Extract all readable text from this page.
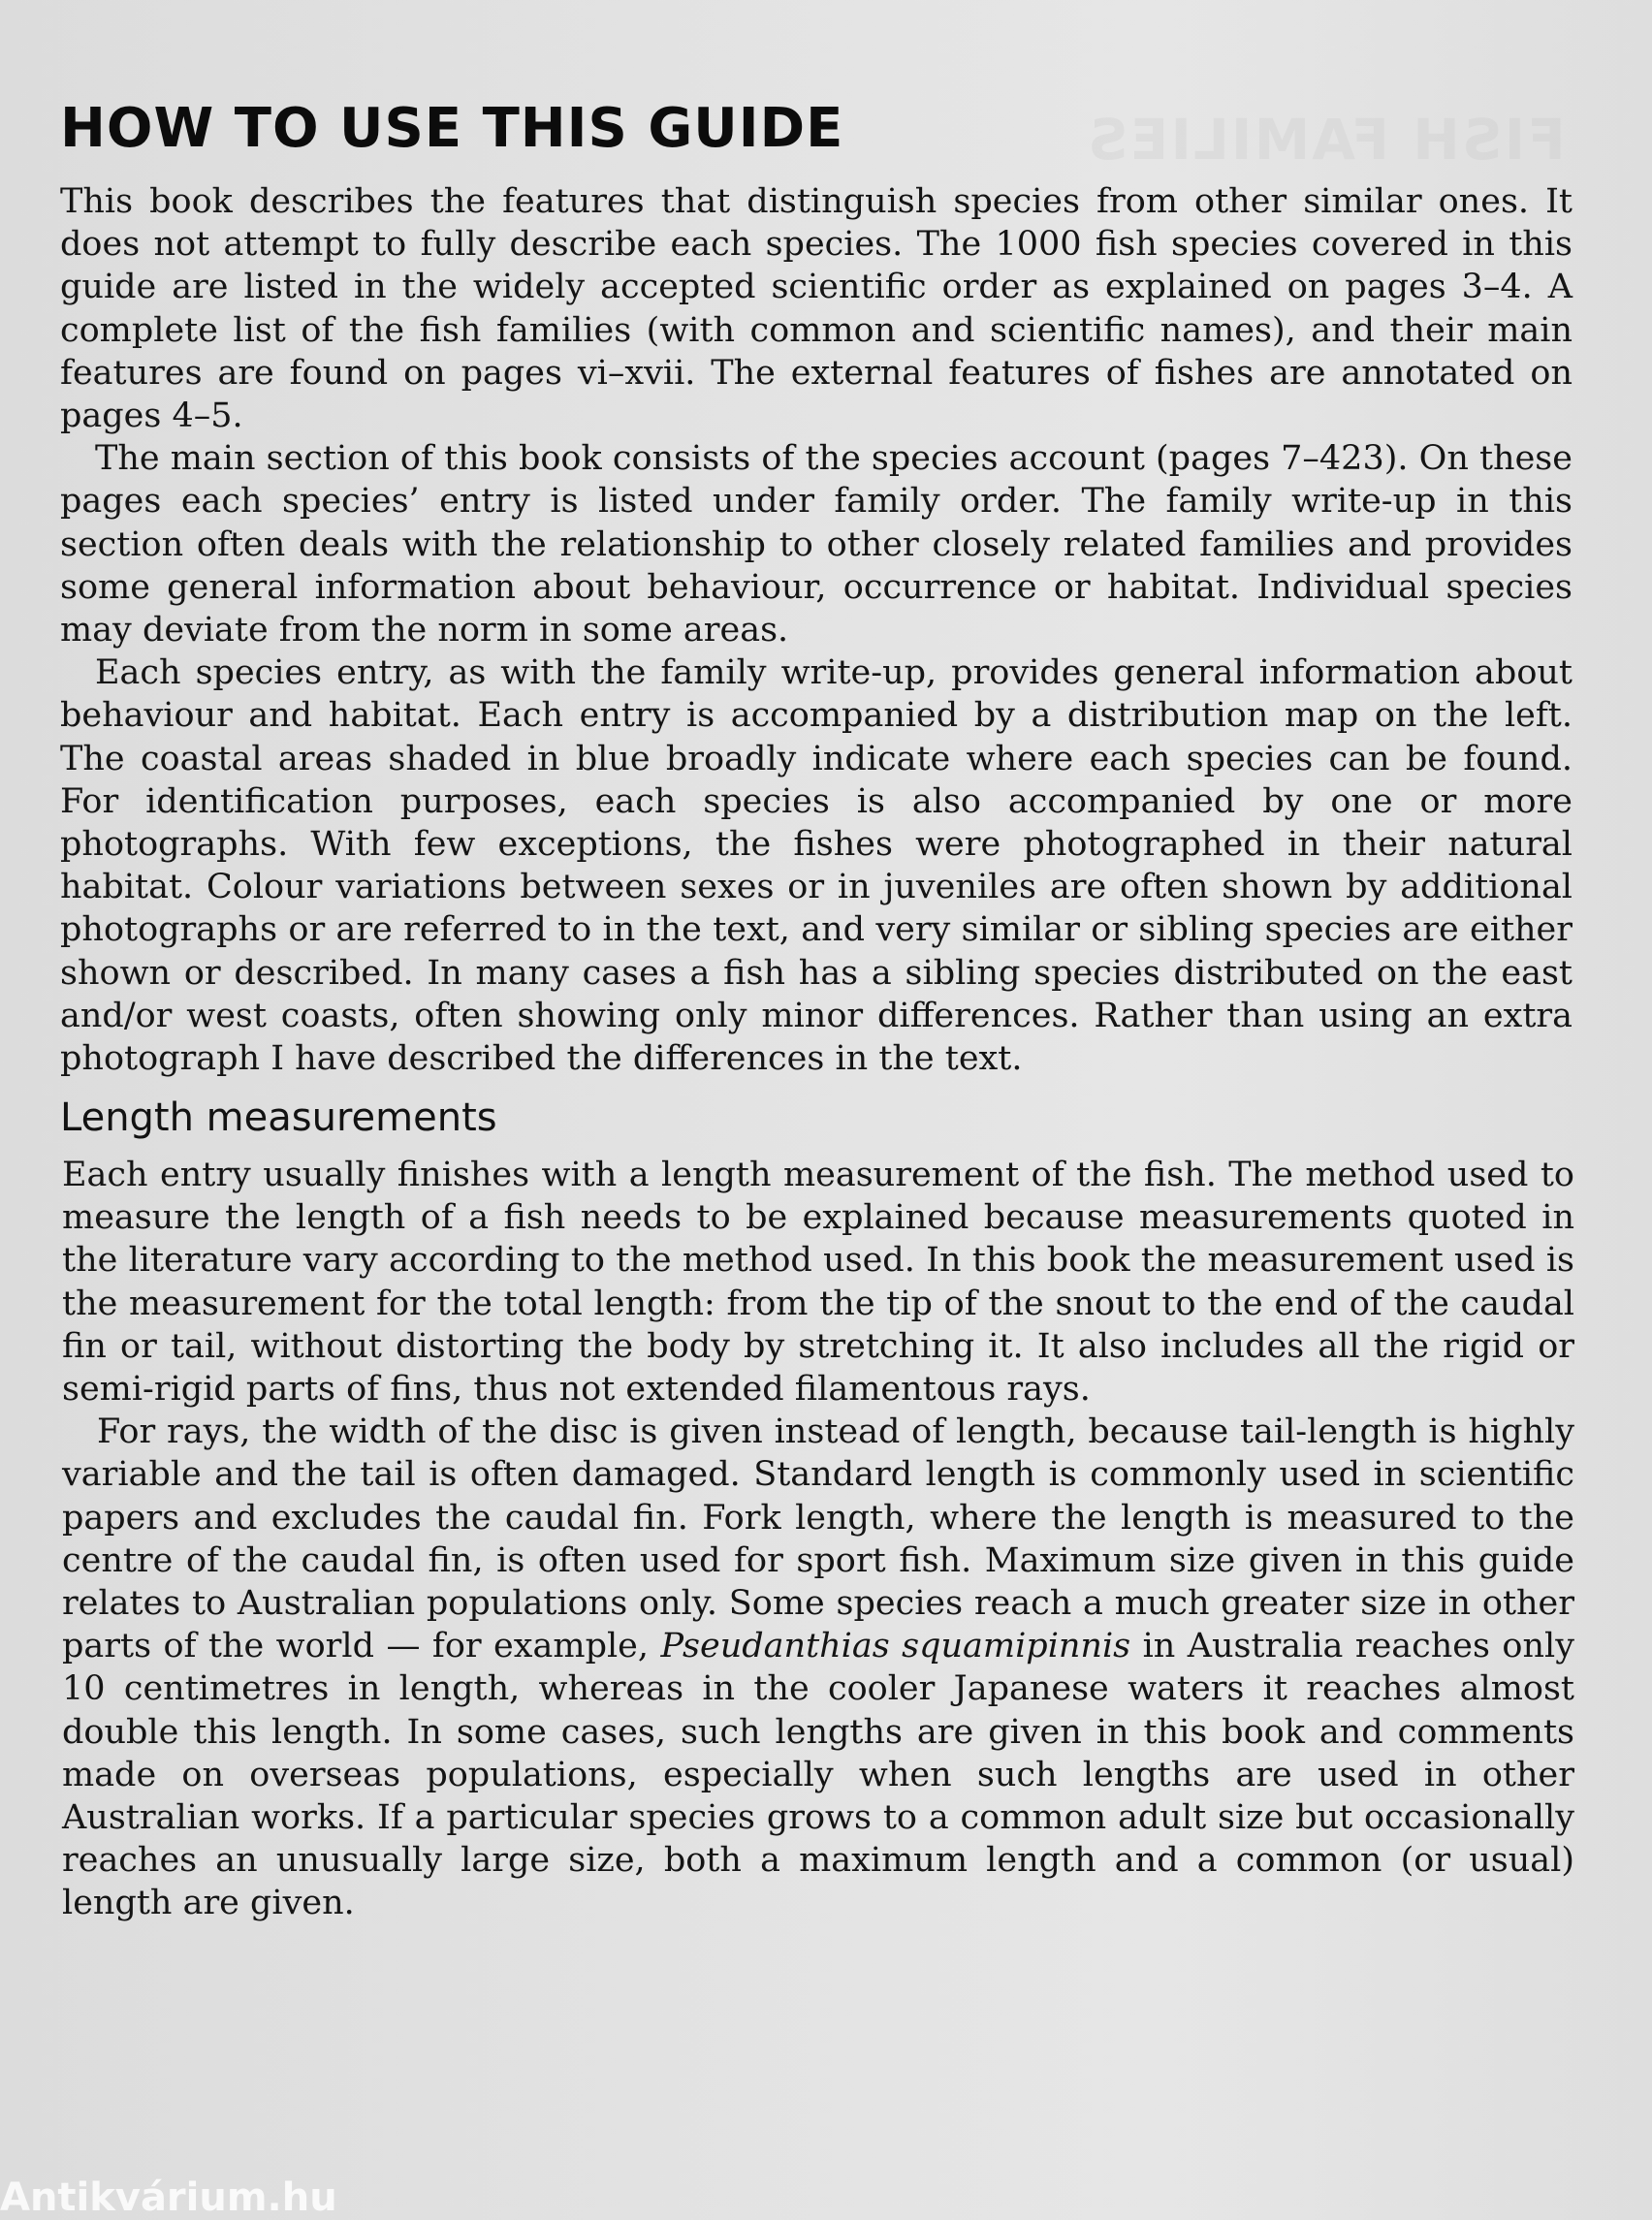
HOW TO USE THIS GUIDE

This book describes the features that distinguish species from other similar ones. It does not attempt to fully describe each species. The 1000 fish species covered in this guide are listed in the widely accepted scientific order as explained on pages 3–4. A complete list of the fish families (with common and scientific names), and their main features are found on pages vi–xvii. The external features of fishes are annotated on pages 4–5.

The main section of this book consists of the species account (pages 7–423). On these pages each species’ entry is listed under family order. The family write-up in this section often deals with the relationship to other closely related families and provides some general information about behaviour, occurrence or habitat. Individual species may deviate from the norm in some areas.

Each species entry, as with the family write-up, provides general information about behaviour and habitat. Each entry is accompanied by a distribution map on the left. The coastal areas shaded in blue broadly indicate where each species can be found. For identification purposes, each species is also accompanied by one or more photographs. With few exceptions, the fishes were photographed in their natural habitat. Colour variations between sexes or in juveniles are often shown by additional photographs or are referred to in the text, and very similar or sibling species are either shown or described. In many cases a fish has a sibling species distributed on the east and/or west coasts, often showing only minor differences. Rather than using an extra photograph I have described the differences in the text.

Length measurements

Each entry usually finishes with a length measurement of the fish. The method used to measure the length of a fish needs to be explained because measurements quoted in the literature vary according to the method used. In this book the measurement used is the measurement for the total length: from the tip of the snout to the end of the caudal fin or tail, without distorting the body by stretching it. It also includes all the rigid or semi-rigid parts of fins, thus not extended filamentous rays.

For rays, the width of the disc is given instead of length, because tail-length is highly variable and the tail is often damaged. Standard length is commonly used in scientific papers and excludes the caudal fin. Fork length, where the length is measured to the centre of the caudal fin, is often used for sport fish. Maximum size given in this guide relates to Australian populations only. Some species reach a much greater size in other parts of the world — for example, Pseudanthias squamipinnis in Australia reaches only 10 centimetres in length, whereas in the cooler Japanese waters it reaches almost double this length. In some cases, such lengths are given in this book and comments made on overseas populations, especially when such lengths are used in other Australian works. If a particular species grows to a common adult size but occasionally reaches an unusually large size, both a maximum length and a common (or usual) length are given.

Antikvárium.hu
